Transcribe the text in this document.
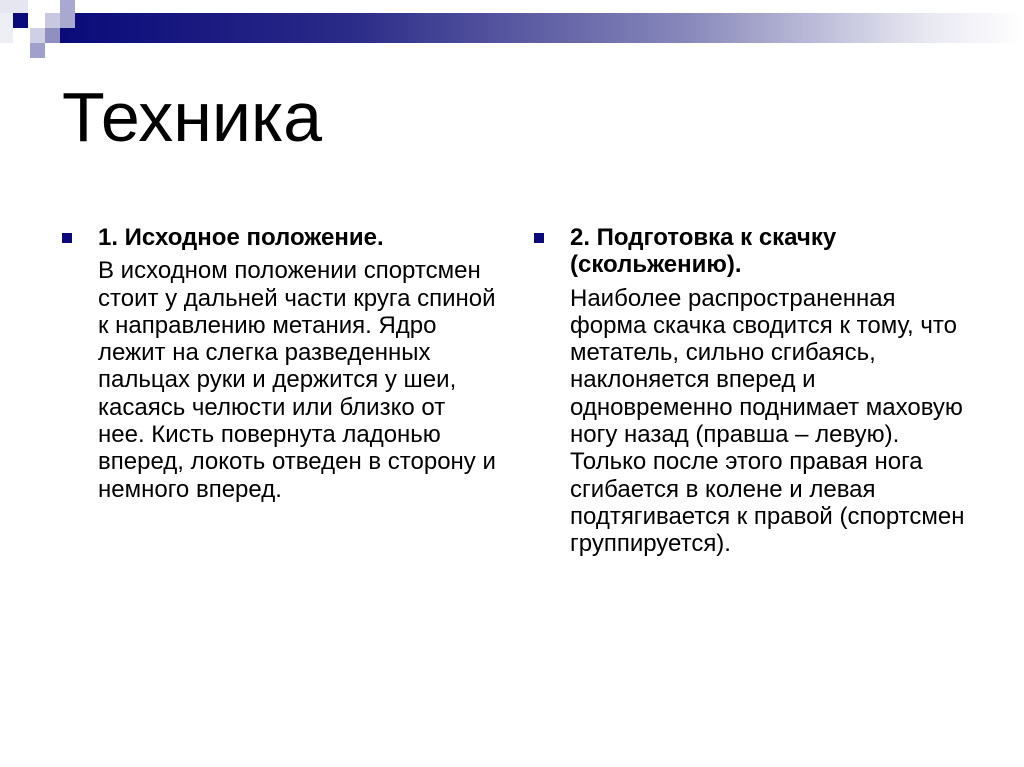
Техника
1. Исходное положение.
В исходном положении спортсмен стоит у дальней части круга спиной к направлению метания. Ядро лежит на слегка разведенных пальцах руки и держится у шеи, касаясь челюсти или близко от нее. Кисть повернута ладонью вперед, локоть отведен в сторону и немного вперед.
2. Подготовка к скачку (скольжению).
Наиболее распространенная форма скачка сводится к тому, что метатель, сильно сгибаясь, наклоняется вперед и одновременно поднимает маховую ногу назад (правша – левую). Только после этого правая нога сгибается в колене и левая подтягивается к правой (спортсмен группируется).
